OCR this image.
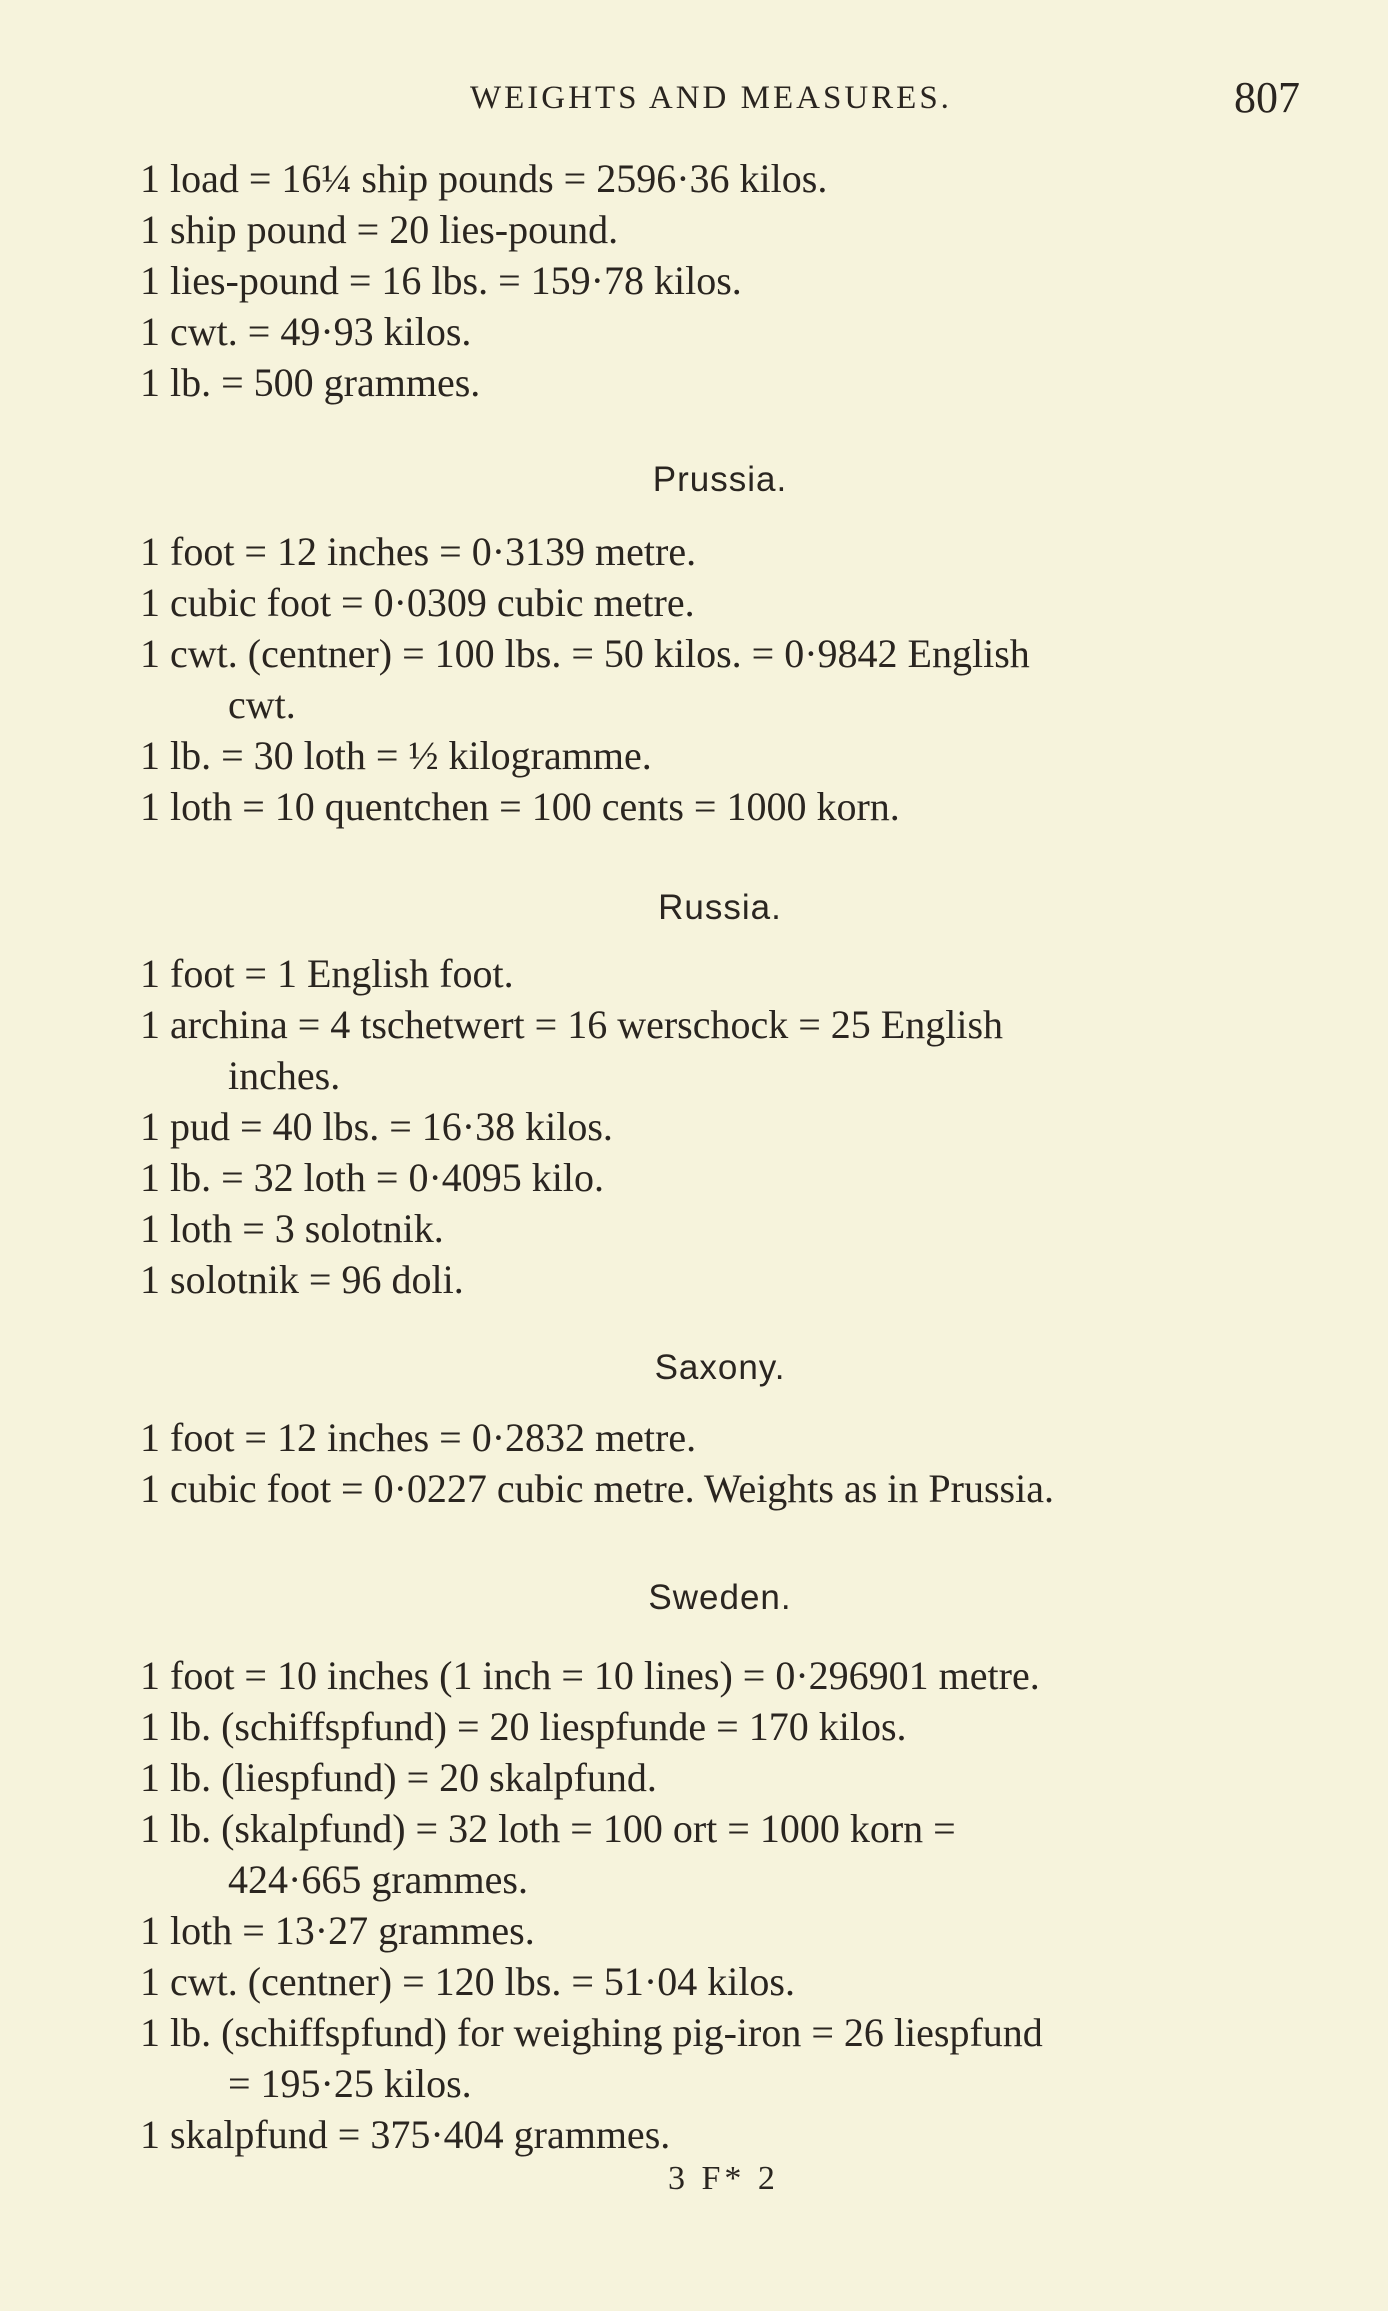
WEIGHTS AND MEASURES.	807
1 load = 16¼ ship pounds = 2596·36 kilos.
1 ship pound = 20 lies-pound.
1 lies-pound = 16 lbs. = 159·78 kilos.
1 cwt. = 49·93 kilos.
1 lb. = 500 grammes.
Prussia.
1 foot = 12 inches = 0·3139 metre.
1 cubic foot = 0·0309 cubic metre.
1 cwt. (centner) = 100 lbs. = 50 kilos. = 0·9842 English
cwt.
1 lb. = 30 loth = ½ kilogramme.
1 loth = 10 quentchen = 100 cents = 1000 korn.
Russia.
1 foot = 1 English foot.
1 archina = 4 tschetwert = 16 werschock = 25 English
inches.
1 pud = 40 lbs. = 16·38 kilos.
1 lb. = 32 loth = 0·4095 kilo.
1 loth = 3 solotnik.
1 solotnik = 96 doli.
Saxony.
1 foot = 12 inches = 0·2832 metre.
1 cubic foot = 0·0227 cubic metre. Weights as in Prussia.
Sweden.
1 foot = 10 inches (1 inch = 10 lines) = 0·296901 metre.
1 lb. (schiffspfund) = 20 liespfunde = 170 kilos.
1 lb. (liespfund) = 20 skalpfund.
1 lb. (skalpfund) = 32 loth = 100 ort = 1000 korn =
424·665 grammes.
1 loth = 13·27 grammes.
1 cwt. (centner) = 120 lbs. = 51·04 kilos.
1 lb. (schiffspfund) for weighing pig-iron = 26 liespfund
= 195·25 kilos.
1 skalpfund = 375·404 grammes.
3 F* 2
